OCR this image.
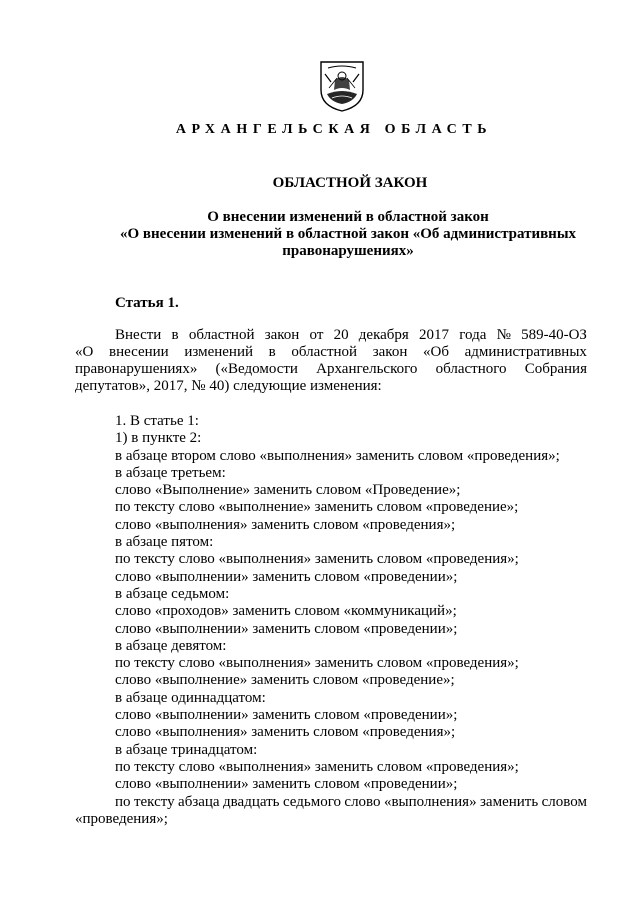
АРХАНГЕЛЬСКАЯ ОБЛАСТЬ
ОБЛАСТНОЙ ЗАКОН
О внесении изменений в областной закон
«О внесении изменений в областной закон «Об административных
правонарушениях»
Статья 1.
Внести в областной закон от 20 декабря 2017 года № 589-40-ОЗ
«О внесении изменений в областной закон «Об административных
правонарушениях» («Ведомости Архангельского областного Собрания
депутатов», 2017, № 40) следующие изменения:
1. В статье 1:
1) в пункте 2:
в абзаце втором слово «выполнения» заменить словом «проведения»;
в абзаце третьем:
слово «Выполнение» заменить словом «Проведение»;
по тексту слово «выполнение» заменить словом «проведение»;
слово «выполнения» заменить словом «проведения»;
в абзаце пятом:
по тексту слово «выполнения» заменить словом «проведения»;
слово «выполнении» заменить словом «проведении»;
в абзаце седьмом:
слово «проходов» заменить словом «коммуникаций»;
слово «выполнении» заменить словом «проведении»;
в абзаце девятом:
по тексту слово «выполнения» заменить словом «проведения»;
слово «выполнение» заменить словом «проведение»;
в абзаце одиннадцатом:
слово «выполнении» заменить словом «проведении»;
слово «выполнения» заменить словом «проведения»;
в абзаце тринадцатом:
по тексту слово «выполнения» заменить словом «проведения»;
слово «выполнении» заменить словом «проведении»;
по тексту абзаца двадцать седьмого слово «выполнения» заменить словом
«проведения»;
